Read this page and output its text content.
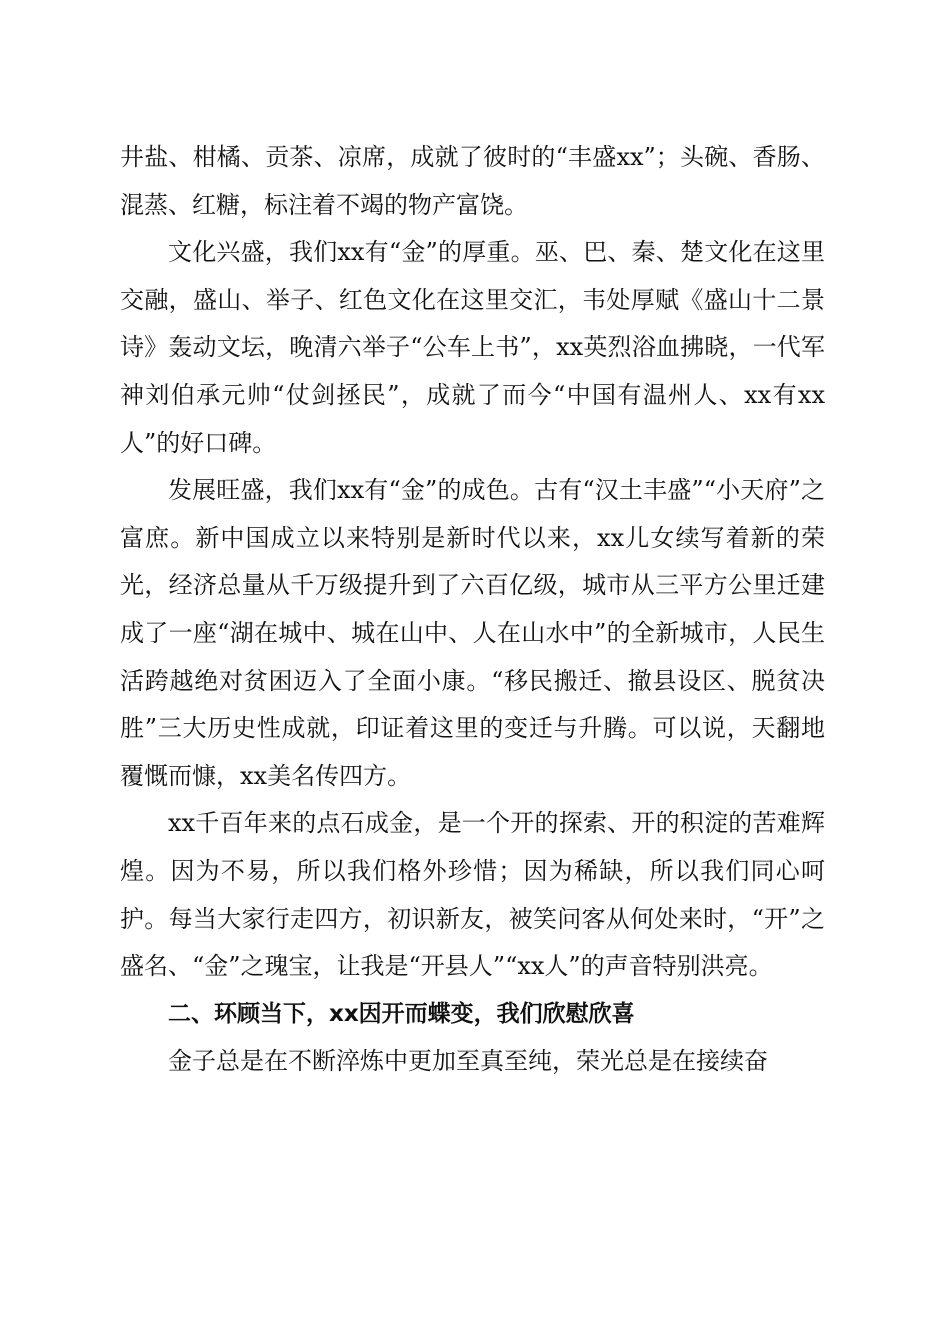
井盐、柑橘、贡茶、凉席，成就了彼时的“丰盛xx”；头碗、香肠、混蒸、红糖，标注着不竭的物产富饶。

文化兴盛，我们xx有“金”的厚重。巫、巴、秦、楚文化在这里交融，盛山、举子、红色文化在这里交汇，韦处厚赋《盛山十二景诗》轰动文坛，晚清六举子“公车上书”，xx英烈浴血拂晓，一代军神刘伯承元帅“仗剑拯民”，成就了而今“中国有温州人、xx有xx人”的好口碑。

发展旺盛，我们xx有“金”的成色。古有“汉土丰盛”“小天府”之富庶。新中国成立以来特别是新时代以来，xx儿女续写着新的荣光，经济总量从千万级提升到了六百亿级，城市从三平方公里迁建成了一座“湖在城中、城在山中、人在山水中”的全新城市，人民生活跨越绝对贫困迈入了全面小康。“移民搬迁、撤县设区、脱贫决胜”三大历史性成就，印证着这里的变迁与升腾。可以说，天翻地覆慨而慷，xx美名传四方。

xx千百年来的点石成金，是一个开的探索、开的积淀的苦难辉煌。因为不易，所以我们格外珍惜；因为稀缺，所以我们同心呵护。每当大家行走四方，初识新友，被笑问客从何处来时，“开”之盛名、“金”之瑰宝，让我是“开县人”“xx人”的声音特别洪亮。

二、环顾当下，xx因开而蝶变，我们欣慰欣喜

金子总是在不断淬炼中更加至真至纯，荣光总是在接续奋
